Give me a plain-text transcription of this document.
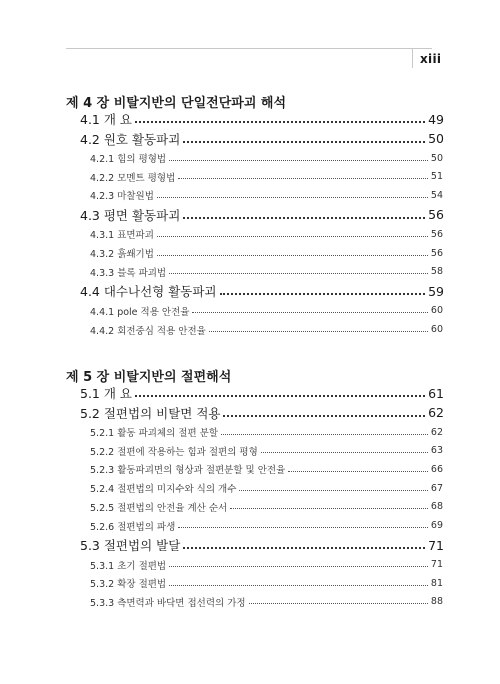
xiii
제 4 장 비탈지반의 단일전단파괴 해석
4.1 개 요	49
4.2 원호 활동파괴	50
4.2.1 힘의 평형법	50
4.2.2 모멘트 평형법	51
4.2.3 마찰원법	54
4.3 평면 활동파괴	56
4.3.1 표면파괴	56
4.3.2 흙쐐기법	56
4.3.3 블록 파괴법	58
4.4 대수나선형 활동파괴	59
4.4.1 pole 적용 안전율	60
4.4.2 회전중심 적용 안전율	60
제 5 장 비탈지반의 절편해석
5.1 개 요	61
5.2 절편법의 비탈면 적용	62
5.2.1 활동 파괴체의 절편 분할	62
5.2.2 절편에 작용하는 힘과 절편의 평형	63
5.2.3 활동파괴면의 형상과 절편분할 및 안전율	66
5.2.4 절편법의 미지수와 식의 개수	67
5.2.5 절편법의 안전율 계산 순서	68
5.2.6 절편법의 파생	69
5.3 절편법의 발달	71
5.3.1 초기 절편법	71
5.3.2 확장 절편법	81
5.3.3 측면력과 바닥면 접선력의 가정	88
